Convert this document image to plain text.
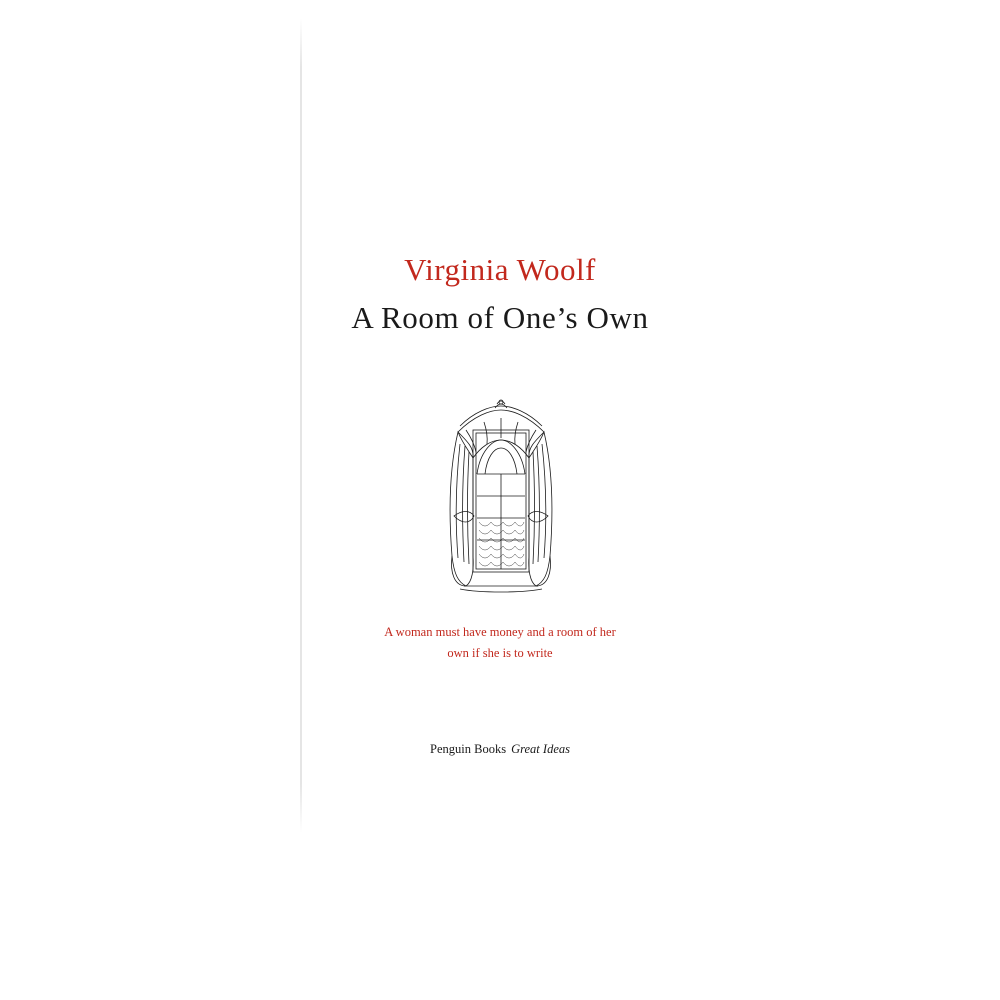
Virginia Woolf
A Room of One’s Own
A woman must have money and a room of her
own if she is to write
Penguin Books Great Ideas
